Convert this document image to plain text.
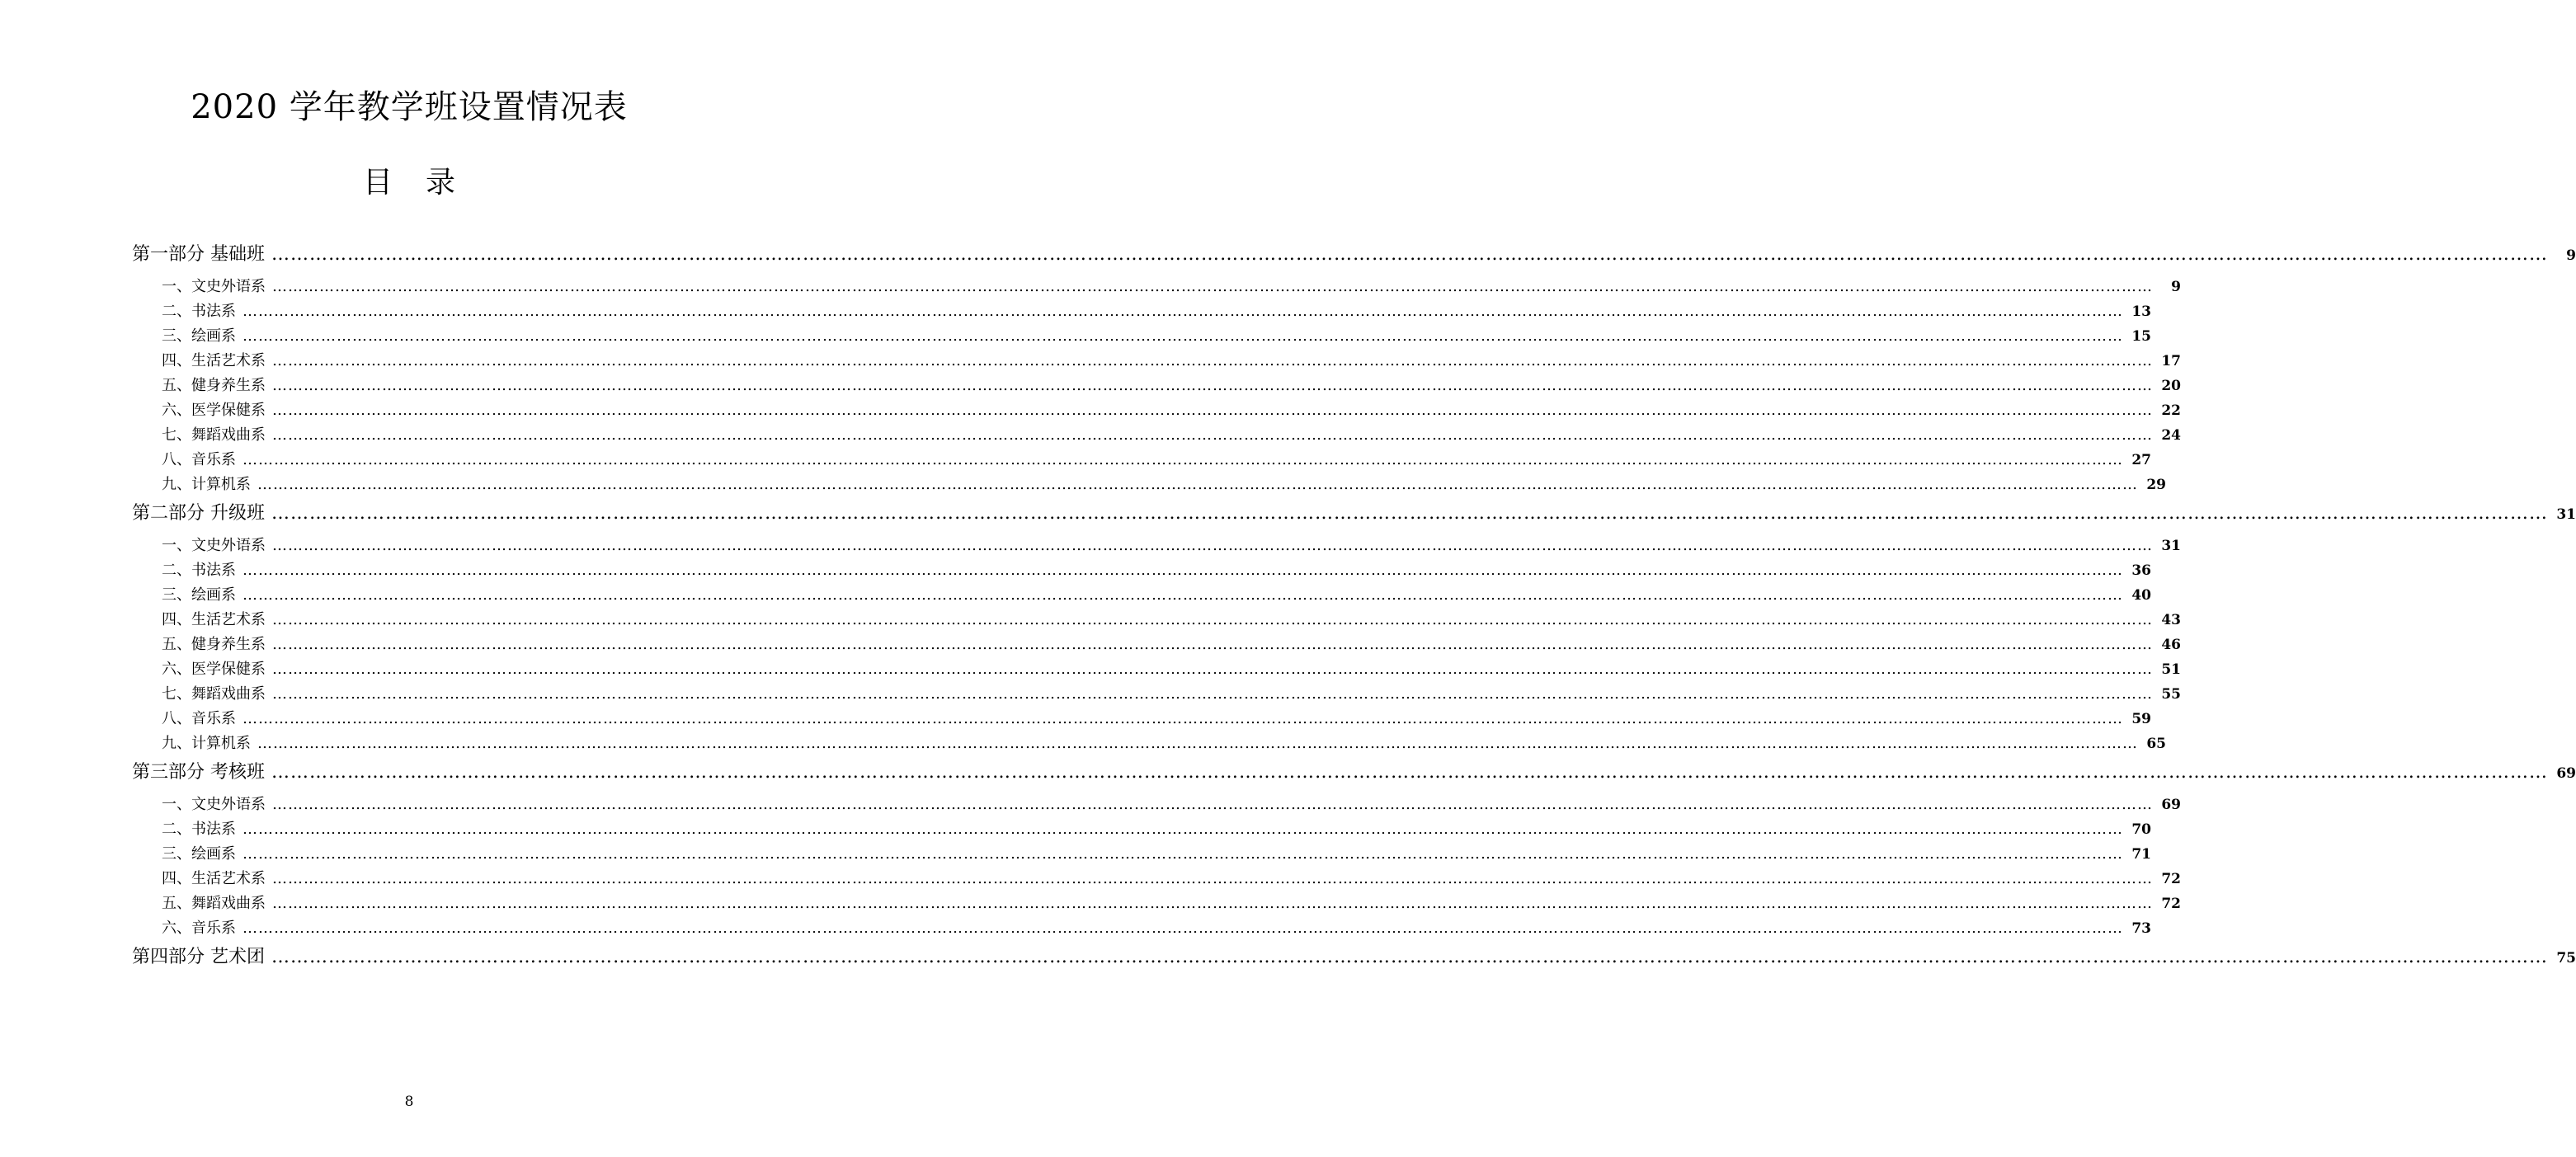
2020 学年教学班设置情况表
目录
第一部分 基础班 ………………………………………………………………………………………………………………………………………………………………………………………………………………………………………………………………………………………………………………………………	9
一、文史外语系 ………………………………………………………………………………………………………………………………………………………………………………………………………………………………………………………………………………………………………………………………	9
二、书法系 ……………………………………………………………………………………………………………………………………………………………………………………………………………………………………………………………………………………………………………………………… 13
三、绘画系 ……………………………………………………………………………………………………………………………………………………………………………………………………………………………………………………………………………………………………………………………… 15
四、生活艺术系 ……………………………………………………………………………………………………………………………………………………………………………………………………………………………………………………………………………………………………………………………… 17
五、健身养生系 ……………………………………………………………………………………………………………………………………………………………………………………………………………………………………………………………………………………………………………………………… 20
六、医学保健系 ……………………………………………………………………………………………………………………………………………………………………………………………………………………………………………………………………………………………………………………………… 22
七、舞蹈戏曲系 ……………………………………………………………………………………………………………………………………………………………………………………………………………………………………………………………………………………………………………………………… 24
八、音乐系 ……………………………………………………………………………………………………………………………………………………………………………………………………………………………………………………………………………………………………………………………… 27
九、计算机系 ……………………………………………………………………………………………………………………………………………………………………………………………………………………………………………………………………………………………………………………………… 29
第二部分 升级班 ……………………………………………………………………………………………………………………………………………………………………………………………………………………………………………………………………………………………………………………………… 31
一、文史外语系 ……………………………………………………………………………………………………………………………………………………………………………………………………………………………………………………………………………………………………………………………… 31
二、书法系 ……………………………………………………………………………………………………………………………………………………………………………………………………………………………………………………………………………………………………………………………… 36
三、绘画系 ……………………………………………………………………………………………………………………………………………………………………………………………………………………………………………………………………………………………………………………………… 40
四、生活艺术系 ……………………………………………………………………………………………………………………………………………………………………………………………………………………………………………………………………………………………………………………………… 43
五、健身养生系 ……………………………………………………………………………………………………………………………………………………………………………………………………………………………………………………………………………………………………………………………… 46
六、医学保健系 ……………………………………………………………………………………………………………………………………………………………………………………………………………………………………………………………………………………………………………………………… 51
七、舞蹈戏曲系 ……………………………………………………………………………………………………………………………………………………………………………………………………………………………………………………………………………………………………………………………… 55
八、音乐系 ……………………………………………………………………………………………………………………………………………………………………………………………………………………………………………………………………………………………………………………………… 59
九、计算机系 ……………………………………………………………………………………………………………………………………………………………………………………………………………………………………………………………………………………………………………………………… 65
第三部分 考核班 ……………………………………………………………………………………………………………………………………………………………………………………………………………………………………………………………………………………………………………………………… 69
一、文史外语系 ……………………………………………………………………………………………………………………………………………………………………………………………………………………………………………………………………………………………………………………………… 69
二、书法系 ……………………………………………………………………………………………………………………………………………………………………………………………………………………………………………………………………………………………………………………………… 70
三、绘画系 ……………………………………………………………………………………………………………………………………………………………………………………………………………………………………………………………………………………………………………………………… 71
四、生活艺术系 ……………………………………………………………………………………………………………………………………………………………………………………………………………………………………………………………………………………………………………………………… 72
五、舞蹈戏曲系 ……………………………………………………………………………………………………………………………………………………………………………………………………………………………………………………………………………………………………………………………… 72
六、音乐系 ……………………………………………………………………………………………………………………………………………………………………………………………………………………………………………………………………………………………………………………………… 73
第四部分 艺术团 ……………………………………………………………………………………………………………………………………………………………………………………………………………………………………………………………………………………………………………………………… 75
8
